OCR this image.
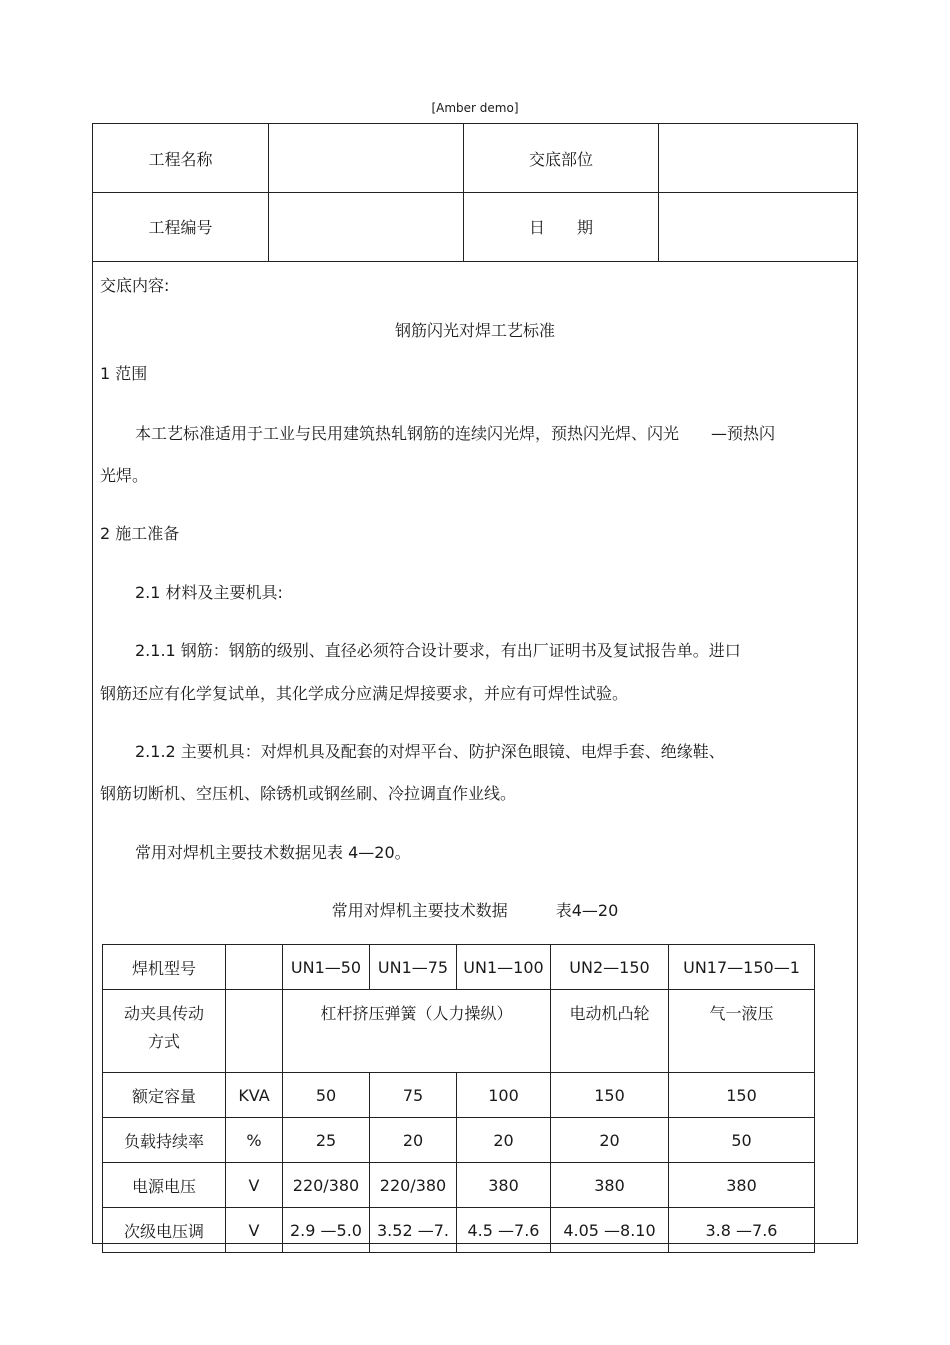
[Amber demo]
工程名称	交底部位
工程编号	日　　期
交底内容:
钢筋闪光对焊工艺标准
1 范围
本工艺标准适用于工业与民用建筑热轧钢筋的连续闪光焊，预热闪光焊、闪光　　—预热闪
光焊。
2 施工准备
2.1 材料及主要机具:
2.1.1 钢筋：钢筋的级别、直径必须符合设计要求，有出厂证明书及复试报告单。进口
钢筋还应有化学复试单，其化学成分应满足焊接要求，并应有可焊性试验。
2.1.2 主要机具：对焊机具及配套的对焊平台、防护深色眼镜、电焊手套、绝缘鞋、
钢筋切断机、空压机、除锈机或钢丝刷、冷拉调直作业线。
常用对焊机主要技术数据见表 4—20。
常用对焊机主要技术数据　　　表4—20
焊机型号		UN1—50	UN1—75	UN1—100	UN2—150	UN17—150—1
动夹具传动
方式		杠杆挤压弹簧（人力操纵）			电动机凸轮	气一液压
额定容量	KVA	50	75	100	150	150
负载持续率	%	25	20	20	20	50
电源电压	V	220/380	220/380	380	380	380
次级电压调	V	2.9 —5.0	3.52 —7.	4.5 —7.6	4.05 —8.10	3.8 —7.6
